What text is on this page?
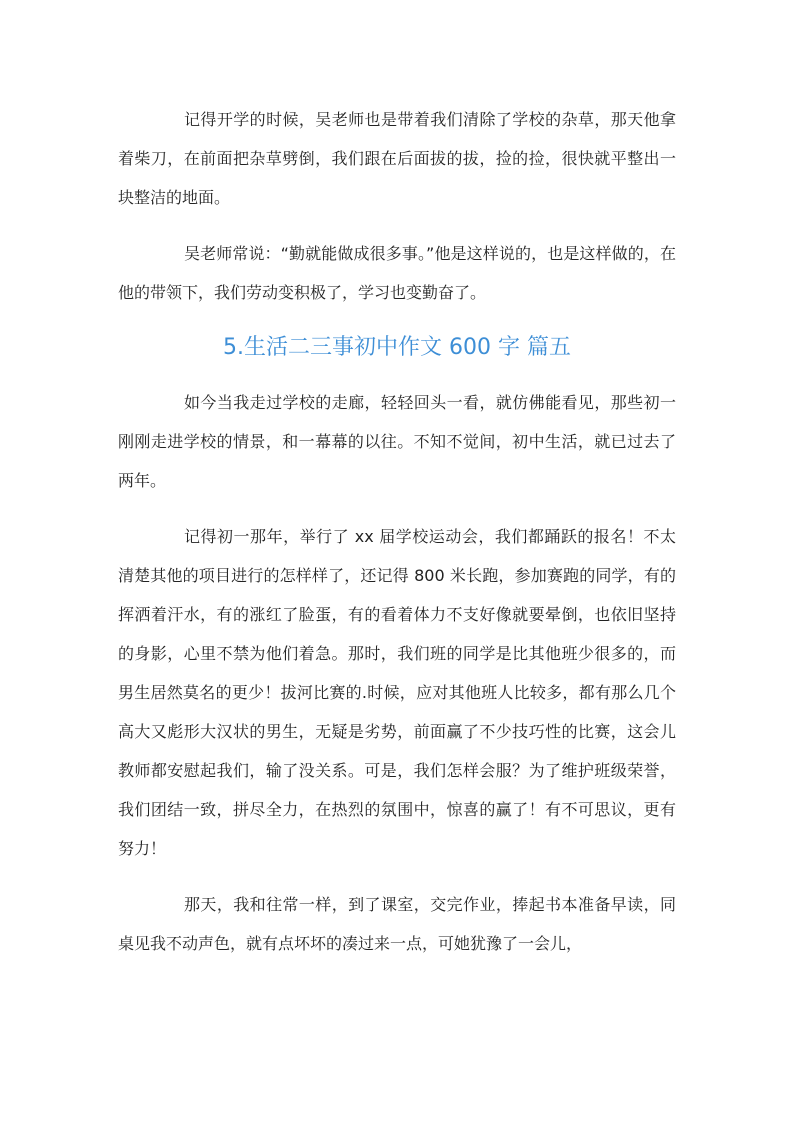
记得开学的时候，吴老师也是带着我们清除了学校的杂草，那天他拿着柴刀，在前面把杂草劈倒，我们跟在后面拔的拔，捡的捡，很快就平整出一块整洁的地面。

吴老师常说：“勤就能做成很多事。”他是这样说的，也是这样做的，在他的带领下，我们劳动变积极了，学习也变勤奋了。

5.生活二三事初中作文 600 字 篇五

如今当我走过学校的走廊，轻轻回头一看，就仿佛能看见，那些初一刚刚走进学校的情景，和一幕幕的以往。不知不觉间，初中生活，就已过去了两年。

记得初一那年，举行了 xx 届学校运动会，我们都踊跃的报名！不太清楚其他的项目进行的怎样样了，还记得 800 米长跑，参加赛跑的同学，有的挥洒着汗水，有的涨红了脸蛋，有的看着体力不支好像就要晕倒，也依旧坚持的身影，心里不禁为他们着急。那时，我们班的同学是比其他班少很多的，而男生居然莫名的更少！拔河比赛的.时候，应对其他班人比较多，都有那么几个高大又彪形大汉状的男生，无疑是劣势，前面赢了不少技巧性的比赛，这会儿教师都安慰起我们，输了没关系。可是，我们怎样会服？为了维护班级荣誉，我们团结一致，拼尽全力，在热烈的氛围中，惊喜的赢了！有不可思议，更有努力！

那天，我和往常一样，到了课室，交完作业，捧起书本准备早读，同桌见我不动声色，就有点坏坏的凑过来一点，可她犹豫了一会儿，
